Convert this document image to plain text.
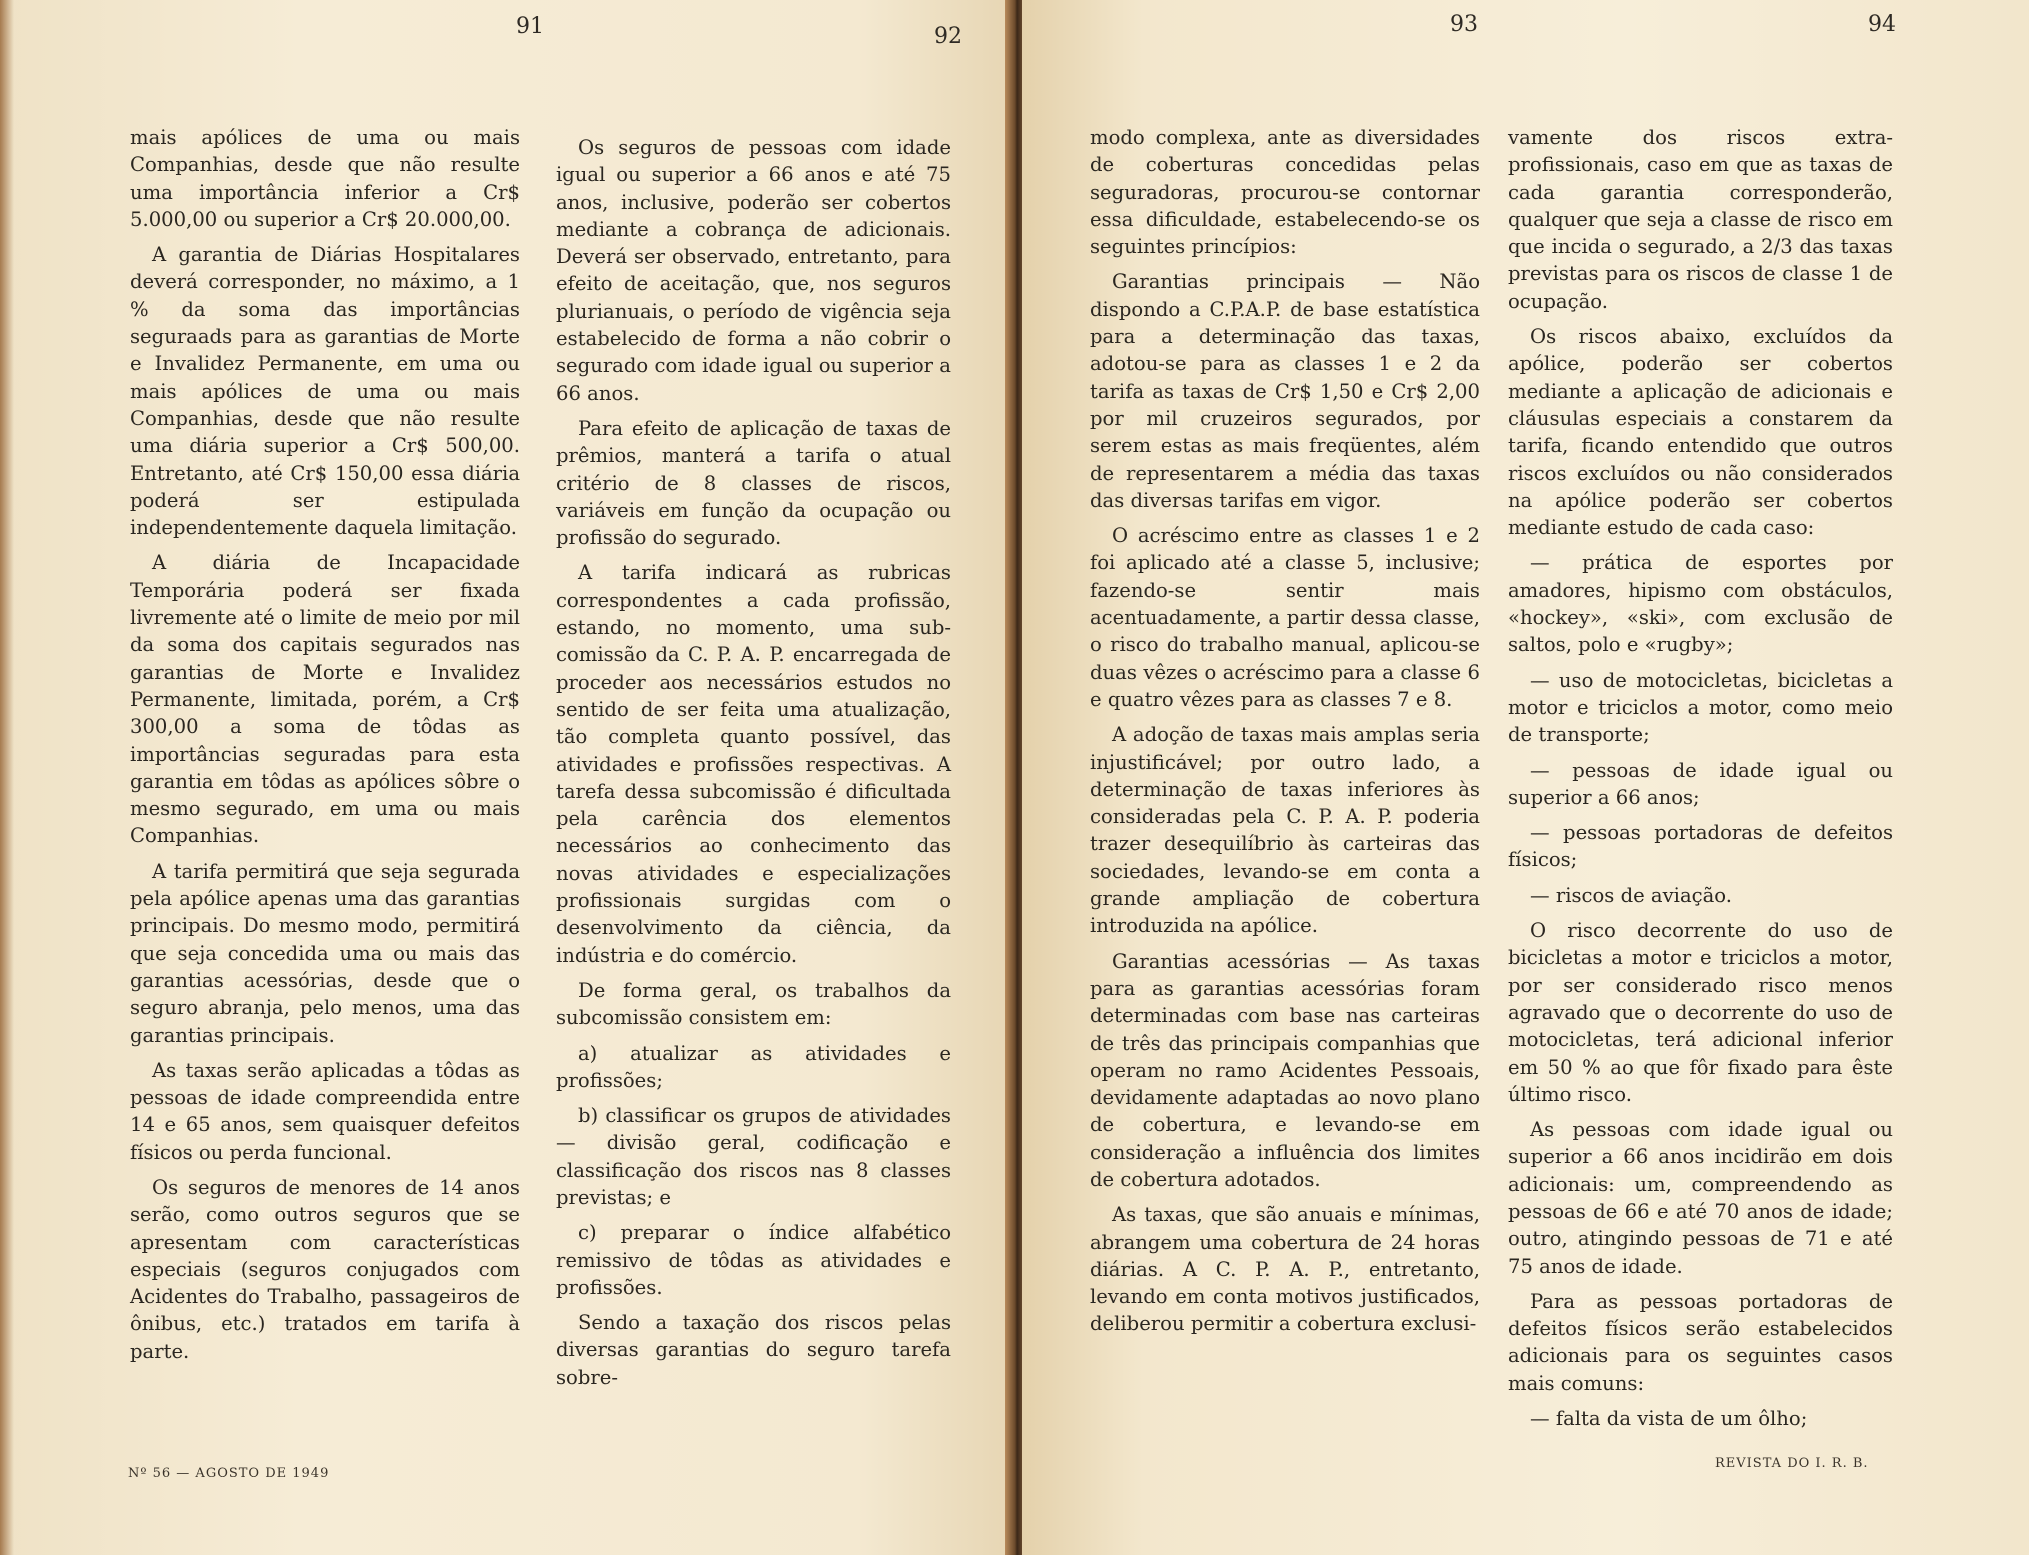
91	92

mais apólices de uma ou mais Companhias, desde que não resulte uma importância inferior a Cr$ 5.000,00 ou superior a Cr$ 20.000,00.

A garantia de Diárias Hospitalares deverá corresponder, no máximo, a 1 % da soma das importâncias seguraads para as garantias de Morte e Invalidez Permanente, em uma ou mais apólices de uma ou mais Companhias, desde que não resulte uma diária superior a Cr$ 500,00. Entretanto, até Cr$ 150,00 essa diária poderá ser estipulada independentemente daquela limitação.

A diária de Incapacidade Temporária poderá ser fixada livremente até o limite de meio por mil da soma dos capitais segurados nas garantias de Morte e Invalidez Permanente, limitada, porém, a Cr$ 300,00 a soma de tôdas as importâncias seguradas para esta garantia em tôdas as apólices sôbre o mesmo segurado, em uma ou mais Companhias.

A tarifa permitirá que seja segurada pela apólice apenas uma das garantias principais. Do mesmo modo, permitirá que seja concedida uma ou mais das garantias acessórias, desde que o seguro abranja, pelo menos, uma das garantias principais.

As taxas serão aplicadas a tôdas as pessoas de idade compreendida entre 14 e 65 anos, sem quaisquer defeitos físicos ou perda funcional.

Os seguros de menores de 14 anos serão, como outros seguros que se apresentam com características especiais (seguros conjugados com Acidentes do Trabalho, passageiros de ônibus, etc.) tratados em tarifa à parte.

Os seguros de pessoas com idade igual ou superior a 66 anos e até 75 anos, inclusive, poderão ser cobertos mediante a cobrança de adicionais. Deverá ser observado, entretanto, para efeito de aceitação, que, nos seguros plurianuais, o período de vigência seja estabelecido de forma a não cobrir o segurado com idade igual ou superior a 66 anos.

Para efeito de aplicação de taxas de prêmios, manterá a tarifa o atual critério de 8 classes de riscos, variáveis em função da ocupação ou profissão do segurado.

A tarifa indicará as rubricas correspondentes a cada profissão, estando, no momento, uma sub-comissão da C. P. A. P. encarregada de proceder aos necessários estudos no sentido de ser feita uma atualização, tão completa quanto possível, das atividades e profissões respectivas. A tarefa dessa subcomissão é dificultada pela carência dos elementos necessários ao conhecimento das novas atividades e especializações profissionais surgidas com o desenvolvimento da ciência, da indústria e do comércio.

De forma geral, os trabalhos da subcomissão consistem em:

a) atualizar as atividades e profissões;

b) classificar os grupos de atividades — divisão geral, codificação e classificação dos riscos nas 8 classes previstas; e

c) preparar o índice alfabético remissivo de tôdas as atividades e profissões.

Sendo a taxação dos riscos pelas diversas garantias do seguro tarefa sobre-

Nº 56 — AGOSTO DE 1949
93	94

modo complexa, ante as diversidades de coberturas concedidas pelas seguradoras, procurou-se contornar essa dificuldade, estabelecendo-se os seguintes princípios:

Garantias principais — Não dispondo a C.P.A.P. de base estatística para a determinação das taxas, adotou-se para as classes 1 e 2 da tarifa as taxas de Cr$ 1,50 e Cr$ 2,00 por mil cruzeiros segurados, por serem estas as mais freqüentes, além de representarem a média das taxas das diversas tarifas em vigor.

O acréscimo entre as classes 1 e 2 foi aplicado até a classe 5, inclusive; fazendo-se sentir mais acentuadamente, a partir dessa classe, o risco do trabalho manual, aplicou-se duas vêzes o acréscimo para a classe 6 e quatro vêzes para as classes 7 e 8.

A adoção de taxas mais amplas seria injustificável; por outro lado, a determinação de taxas inferiores às consideradas pela C. P. A. P. poderia trazer desequilíbrio às carteiras das sociedades, levando-se em conta a grande ampliação de cobertura introduzida na apólice.

Garantias acessórias — As taxas para as garantias acessórias foram determinadas com base nas carteiras de três das principais companhias que operam no ramo Acidentes Pessoais, devidamente adaptadas ao novo plano de cobertura, e levando-se em consideração a influência dos limites de cobertura adotados.

As taxas, que são anuais e mínimas, abrangem uma cobertura de 24 horas diárias. A C. P. A. P., entretanto, levando em conta motivos justificados, deliberou permitir a cobertura exclusi-

vamente dos riscos extra-profissionais, caso em que as taxas de cada garantia corresponderão, qualquer que seja a classe de risco em que incida o segurado, a 2/3 das taxas previstas para os riscos de classe 1 de ocupação.

Os riscos abaixo, excluídos da apólice, poderão ser cobertos mediante a aplicação de adicionais e cláusulas especiais a constarem da tarifa, ficando entendido que outros riscos excluídos ou não considerados na apólice poderão ser cobertos mediante estudo de cada caso:

— prática de esportes por amadores, hipismo com obstáculos, «hockey», «ski», com exclusão de saltos, polo e «rugby»;

— uso de motocicletas, bicicletas a motor e triciclos a motor, como meio de transporte;

— pessoas de idade igual ou superior a 66 anos;

— pessoas portadoras de defeitos físicos;

— riscos de aviação.

O risco decorrente do uso de bicicletas a motor e triciclos a motor, por ser considerado risco menos agravado que o decorrente do uso de motocicletas, terá adicional inferior em 50 % ao que fôr fixado para êste último risco.

As pessoas com idade igual ou superior a 66 anos incidirão em dois adicionais: um, compreendendo as pessoas de 66 e até 70 anos de idade; outro, atingindo pessoas de 71 e até 75 anos de idade.

Para as pessoas portadoras de defeitos físicos serão estabelecidos adicionais para os seguintes casos mais comuns:

— falta da vista de um ôlho;

REVISTA DO I. R. B.
